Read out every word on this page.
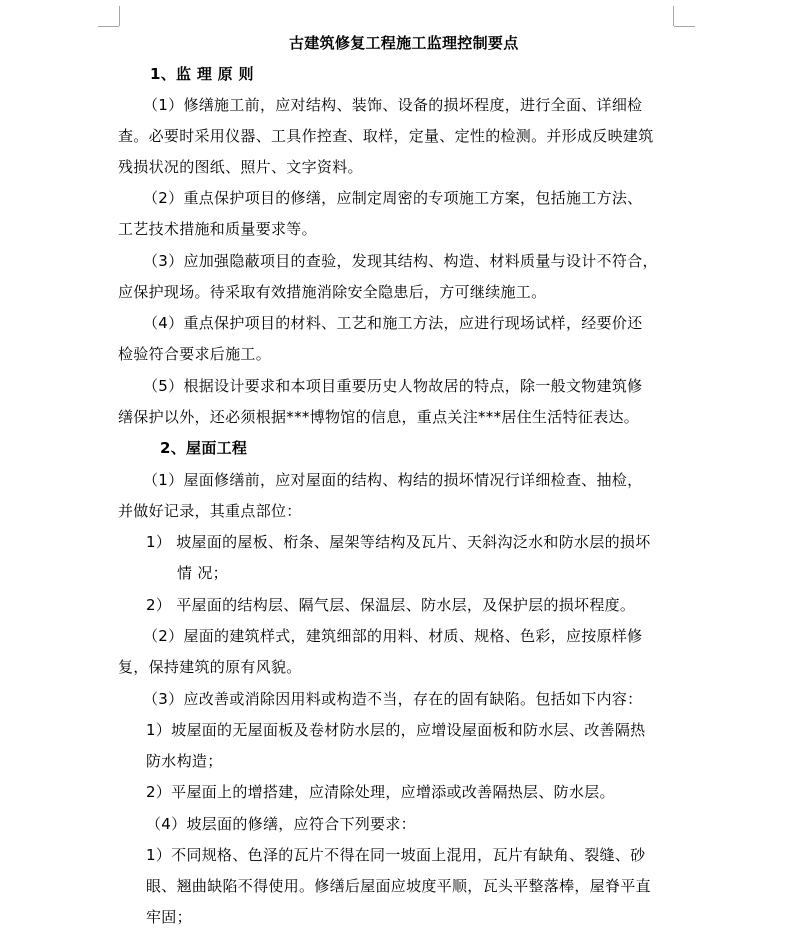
古建筑修复工程施工监理控制要点
1、监 理 原 则
（1）修缮施工前，应对结构、装饰、设备的损坏程度，进行全面、详细检
查。必要时采用仪器、工具作控查、取样，定量、定性的检测。并形成反映建筑
残损状况的图纸、照片、文字资料。
（2）重点保护项目的修缮，应制定周密的专项施工方案，包括施工方法、
工艺技术措施和质量要求等。
（3）应加强隐蔽项目的查验，发现其结构、构造、材料质量与设计不符合，
应保护现场。待采取有效措施消除安全隐患后，方可继续施工。
（4）重点保护项目的材料、工艺和施工方法，应进行现场试样，经要价还
检验符合要求后施工。
（5）根据设计要求和本项目重要历史人物故居的特点，除一般文物建筑修
缮保护以外，还必须根据***博物馆的信息，重点关注***居住生活特征表达。
2、屋面工程
（1）屋面修缮前，应对屋面的结构、构结的损坏情况行详细检查、抽检，
并做好记录，其重点部位：
1） 坡屋面的屋板、桁条、屋架等结构及瓦片、天斜沟泛水和防水层的损坏
情 况；
2） 平屋面的结构层、隔气层、保温层、防水层，及保护层的损坏程度。
（2）屋面的建筑样式，建筑细部的用料、材质、规格、色彩，应按原样修
复，保持建筑的原有风貌。
（3）应改善或消除因用料或构造不当，存在的固有缺陷。包括如下内容：
1）坡屋面的无屋面板及卷材防水层的，应增设屋面板和防水层、改善隔热
防水构造；
2）平屋面上的增搭建，应清除处理，应增添或改善隔热层、防水层。
（4）坡层面的修缮，应符合下列要求：
1）不同规格、色泽的瓦片不得在同一坡面上混用，瓦片有缺角、裂缝、砂
眼、翘曲缺陷不得使用。修缮后屋面应坡度平顺，瓦头平整落棒，屋脊平直
牢固；
